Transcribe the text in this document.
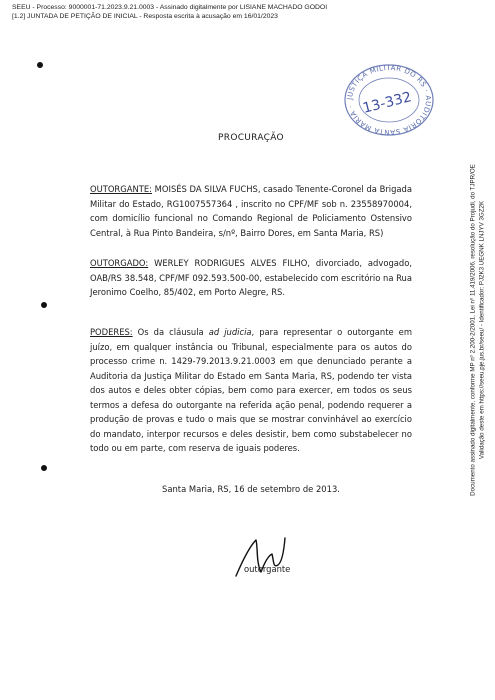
SEEU - Processo: 9000001-71.2023.9.21.0003 - Assinado digitalmente por LISIANE MACHADO GODOI
[1.2] JUNTADA DE PETIÇÃO DE INICIAL - Resposta escrita à acusação em 16/01/2023
Documento assinado digitalmente, conforme MP nº 2.200-2/2001, Lei nº 11.419/2006, resolução do Projudi, do TJPR/OE Validação deste em https://seeu.pje.jus.br/seeu/ - Identificador: PJ2K3 UEGNK LNJYV 3GZ2K
JUSTIÇA MILITAR DO RS · AUDITORIA SANTA MARIA · 13-332
PROCURAÇÃO
OUTORGANTE: MOISÉS DA SILVA FUCHS, casado Tenente-Coronel da Brigada Militar do Estado, RG1007557364 , inscrito no CPF/MF sob n. 23558970004, com domicílio funcional no Comando Regional de Policiamento Ostensivo Central, à Rua Pinto Bandeira, s/nº, Bairro Dores, em Santa Maria, RS)
OUTORGADO: WERLEY RODRIGUES ALVES FILHO, divorciado, advogado, OAB/RS 38.548, CPF/MF 092.593.500-00, estabelecido com escritório na Rua Jeronimo Coelho, 85/402, em Porto Alegre, RS.
PODERES: Os da cláusula ad judicia, para representar o outorgante em juízo, em qualquer instância ou Tribunal, especialmente para os autos do processo crime n. 1429-79.2013.9.21.0003 em que denunciado perante a Auditoria da Justiça Militar do Estado em Santa Maria, RS, podendo ter vista dos autos e deles obter cópias, bem como para exercer, em todos os seus termos a defesa do outorgante na referida ação penal, podendo requerer a produção de provas e tudo o mais que se mostrar convinhável ao exercício do mandato, interpor recursos e deles desistir, bem como substabelecer no todo ou em parte, com reserva de iguais poderes.
Santa Maria, RS, 16 de setembro de 2013.
outorgante
